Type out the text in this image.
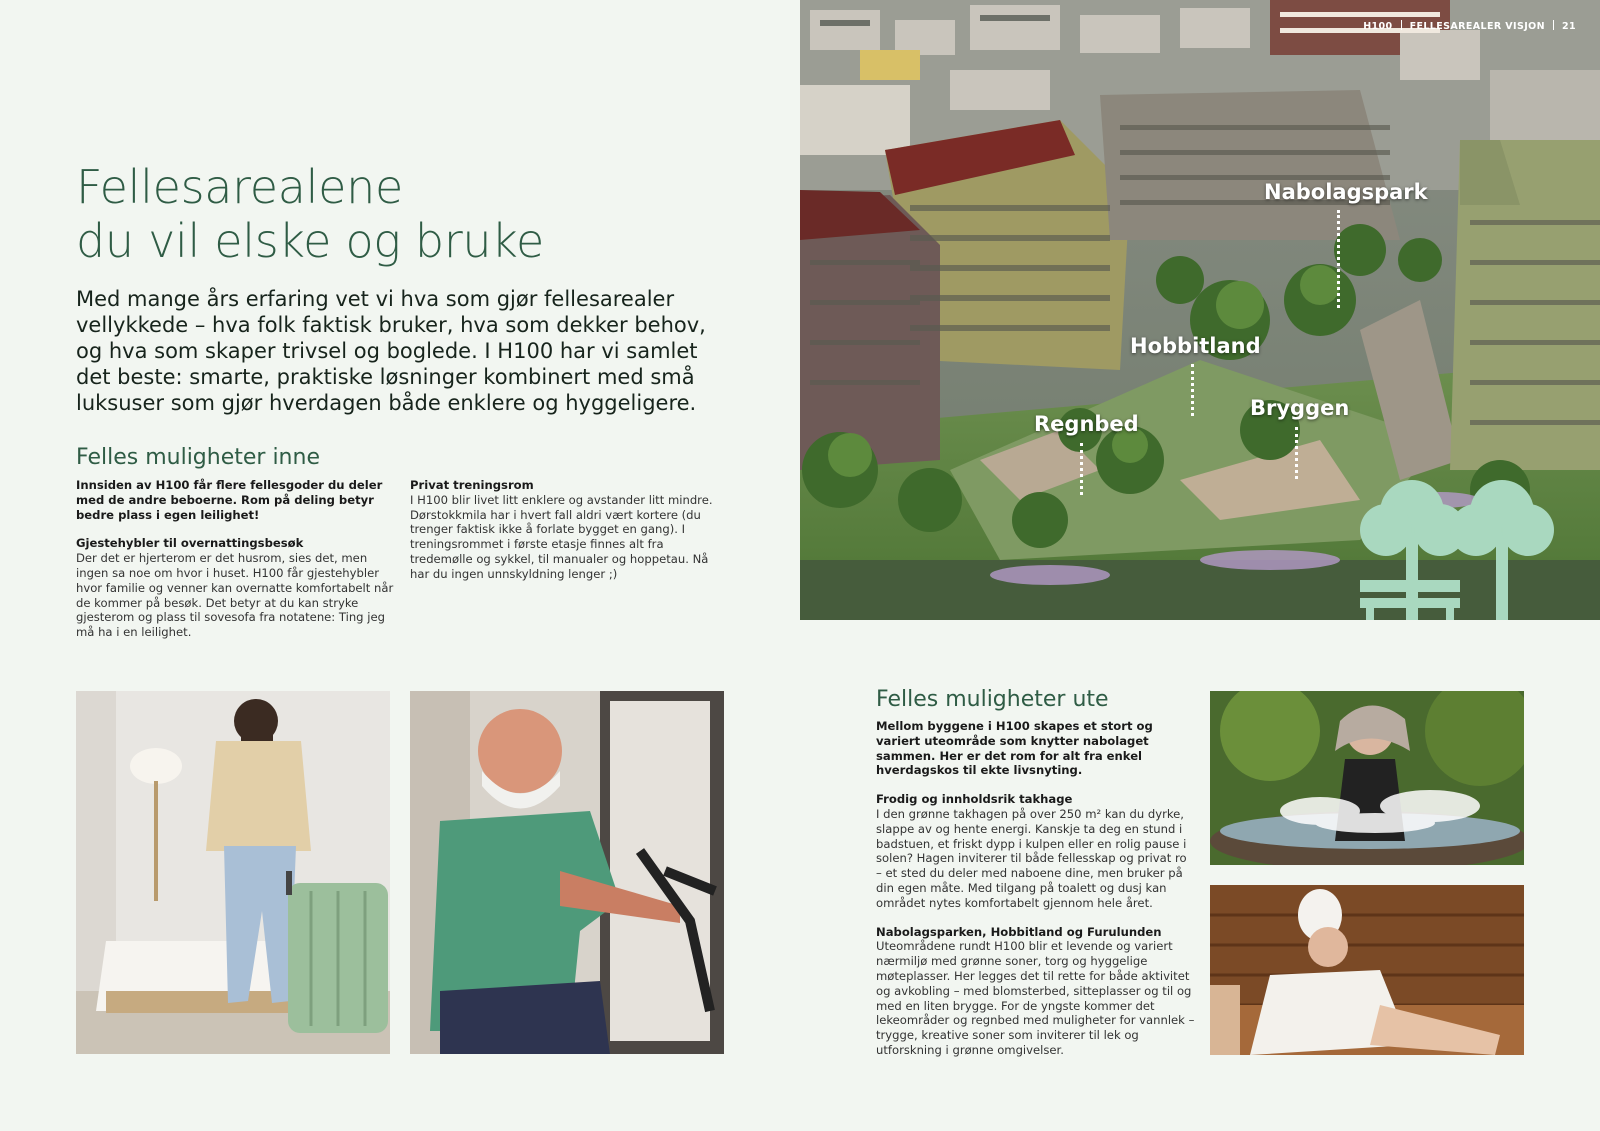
Fellesarealene
du vil elske og bruke

Med mange års erfaring vet vi hva som gjør fellesarealer vellykkede – hva folk faktisk bruker, hva som dekker behov, og hva som skaper trivsel og boglede. I H100 har vi samlet det beste: smarte, praktiske løsninger kombinert med små luksuser som gjør hverdagen både enklere og hyggeligere.

Felles muligheter inne

Innsiden av H100 får flere fellesgoder du deler med de andre beboerne. Rom på deling betyr bedre plass i egen leilighet!

Gjestehybler til overnattingsbesøk

Der det er hjerterom er det husrom, sies det, men ingen sa noe om hvor i huset. H100 får gjestehybler hvor familie og venner kan overnatte komfortabelt når de kommer på besøk. Det betyr at du kan stryke gjesterom og plass til sovesofa fra notatene: Ting jeg må ha i en leilighet.

Privat treningsrom

I H100 blir livet litt enklere og avstander litt mindre. Dørstokkmila har i hvert fall aldri vært kortere (du trenger faktisk ikke å forlate bygget en gang). I treningsrommet i første etasje finnes alt fra tredemølle og sykkel, til manualer og hoppetau. Nå har du ingen unnskyldning lenger ;)

H100 FELLESAREALER VISJON 21
Nabolagspark
Hobbitland
Bryggen
Regnbed
Felles muligheter ute

Mellom byggene i H100 skapes et stort og variert uteområde som knytter nabolaget sammen. Her er det rom for alt fra enkel hverdagskos til ekte livsnyting.

Frodig og innholdsrik takhage

I den grønne takhagen på over 250 m² kan du dyrke, slappe av og hente energi. Kanskje ta deg en stund i badstuen, et friskt dypp i kulpen eller en rolig pause i solen? Hagen inviterer til både fellesskap og privat ro – et sted du deler med naboene dine, men bruker på din egen måte. Med tilgang på toalett og dusj kan området nytes komfortabelt gjennom hele året.

Nabolagsparken, Hobbitland og Furulunden

Uteområdene rundt H100 blir et levende og variert nærmiljø med grønne soner, torg og hyggelige møteplasser. Her legges det til rette for både aktivitet og avkobling – med blomsterbed, sitteplasser og til og med en liten brygge. For de yngste kommer det lekeområder og regnbed med muligheter for vannlek – trygge, kreative soner som inviterer til lek og utforskning i grønne omgivelser.
